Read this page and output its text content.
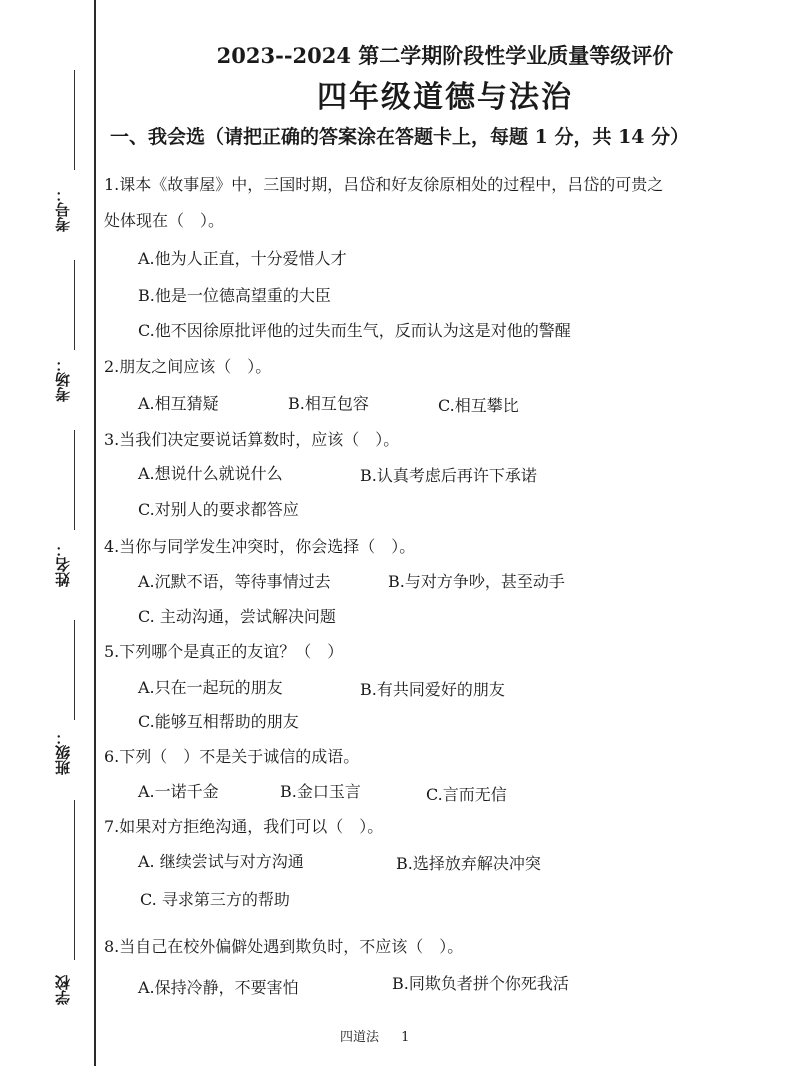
考号：
考场：
姓名：
班级：
学校
2023--2024 第二学期阶段性学业质量等级评价
四年级道德与法治
一、我会选（请把正确的答案涂在答题卡上，每题 1 分，共 14 分）
1.课本《故事屋》中，三国时期，吕岱和好友徐原相处的过程中，吕岱的可贵之
处体现在（　）。
A.他为人正直，十分爱惜人才
B.他是一位德高望重的大臣
C.他不因徐原批评他的过失而生气，反而认为这是对他的警醒
2.朋友之间应该（　）。
A.相互猜疑	B.相互包容	C.相互攀比
3.当我们决定要说话算数时，应该（　）。
A.想说什么就说什么	B.认真考虑后再许下承诺
C.对别人的要求都答应
4.当你与同学发生冲突时，你会选择（　）。
A.沉默不语，等待事情过去	B.与对方争吵，甚至动手
C. 主动沟通，尝试解决问题
5.下列哪个是真正的友谊？（　）
A.只在一起玩的朋友	B.有共同爱好的朋友
C.能够互相帮助的朋友
6.下列（　）不是关于诚信的成语。
A.一诺千金	B.金口玉言	C.言而无信
7.如果对方拒绝沟通，我们可以（　）。
A. 继续尝试与对方沟通	B.选择放弃解决冲突
C. 寻求第三方的帮助
8.当自己在校外偏僻处遇到欺负时，不应该（　）。
A.保持冷静，不要害怕	B.同欺负者拼个你死我活
四道法 1
